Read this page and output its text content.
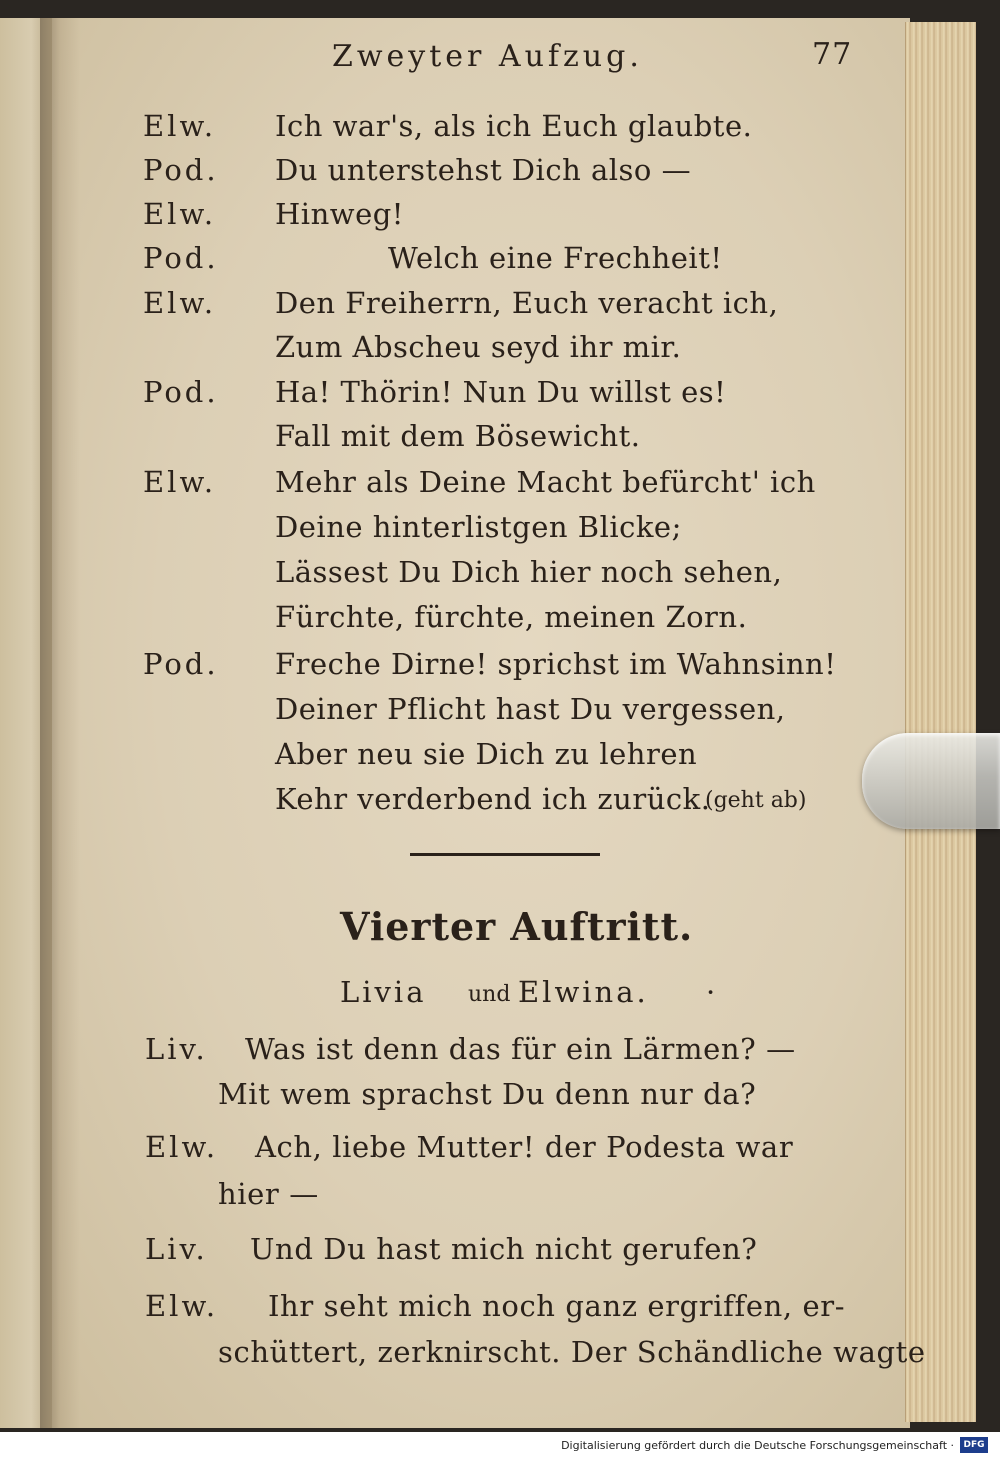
Zweyter Aufzug.	77
Elw. Ich war's, als ich Euch glaubte.
Pod. Du unterstehst Dich also —
Elw. Hinweg!
Pod.	Welch eine Frechheit!
Elw. Den Freiherrn, Euch veracht ich,
Zum Abscheu seyd ihr mir.
Pod. Ha! Thörin! Nun Du willst es!
Fall mit dem Bösewicht.
Elw. Mehr als Deine Macht befürcht' ich
Deine hinterlistgen Blicke;
Lässest Du Dich hier noch sehen,
Fürchte, fürchte, meinen Zorn.
Pod. Freche Dirne! sprichst im Wahnsinn!
Deiner Pflicht hast Du vergessen,
Aber neu sie Dich zu lehren
Kehr verderbend ich zurück.
(geht ab)
Vierter Auftritt.
Livia und Elwina. ·
Liv. Was ist denn das für ein Lärmen? —
Mit wem sprachst Du denn nur da?
Elw. Ach, liebe Mutter! der Podesta war
hier —
Liv. Und Du hast mich nicht gerufen?
Elw. Ihr seht mich noch ganz ergriffen, er-
schüttert, zerknirscht. Der Schändliche wagte
Digitalisierung gefördert durch die Deutsche Forschungsgemeinschaft ·	DFG
